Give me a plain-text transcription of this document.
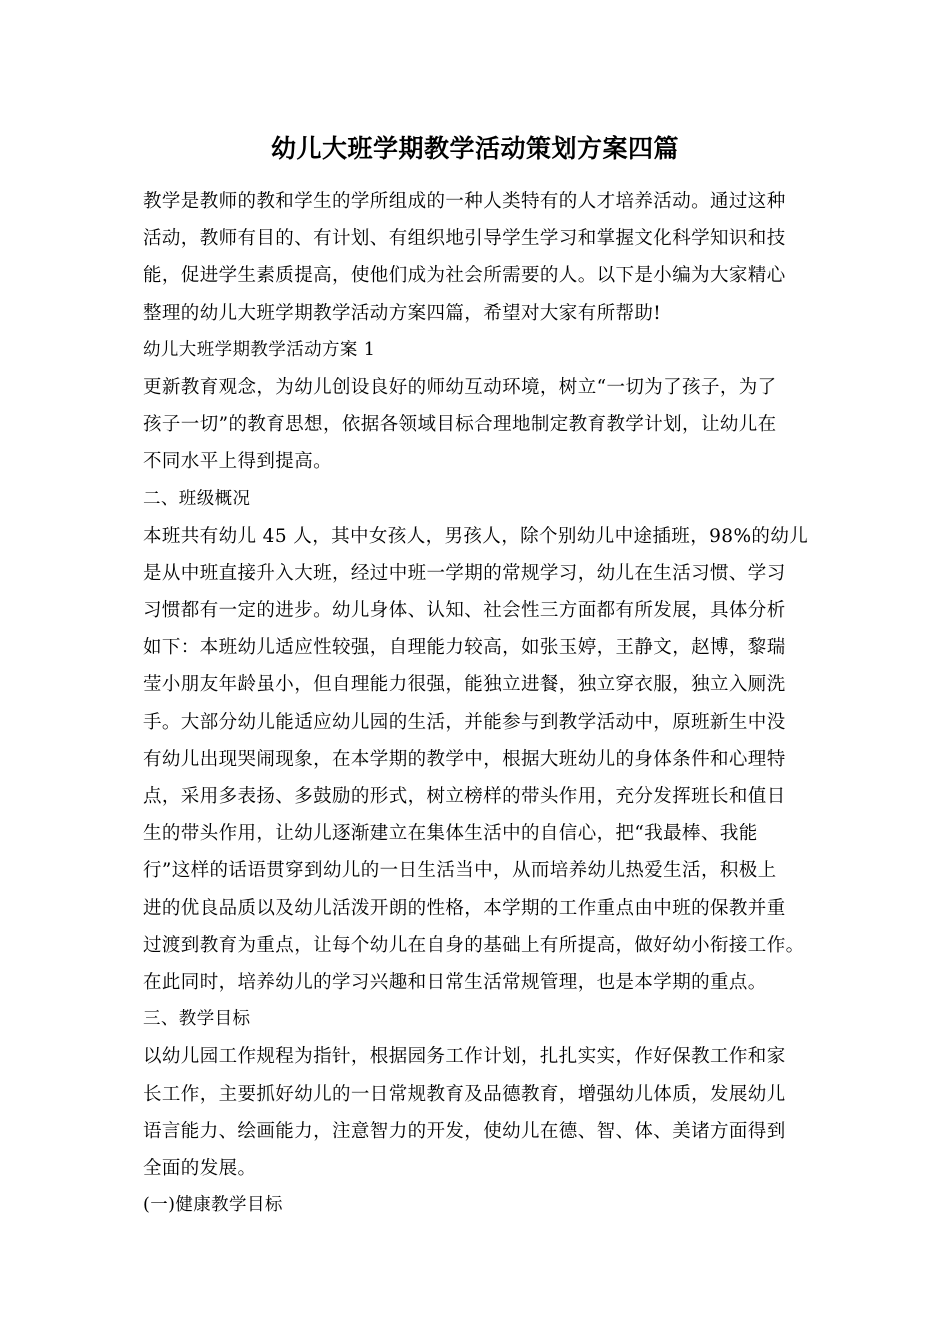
幼儿大班学期教学活动策划方案四篇
教学是教师的教和学生的学所组成的一种人类特有的人才培养活动。通过这种
活动，教师有目的、有计划、有组织地引导学生学习和掌握文化科学知识和技
能，促进学生素质提高，使他们成为社会所需要的人。以下是小编为大家精心
整理的幼儿大班学期教学活动方案四篇，希望对大家有所帮助!
幼儿大班学期教学活动方案 1
更新教育观念，为幼儿创设良好的师幼互动环境，树立“一切为了孩子，为了
孩子一切”的教育思想，依据各领域目标合理地制定教育教学计划，让幼儿在
不同水平上得到提高。
二、班级概况
本班共有幼儿 45 人，其中女孩人，男孩人，除个别幼儿中途插班，98%的幼儿
是从中班直接升入大班，经过中班一学期的常规学习，幼儿在生活习惯、学习
习惯都有一定的进步。幼儿身体、认知、社会性三方面都有所发展，具体分析
如下：本班幼儿适应性较强，自理能力较高，如张玉婷，王静文，赵博，黎瑞
莹小朋友年龄虽小，但自理能力很强，能独立进餐，独立穿衣服，独立入厕洗
手。大部分幼儿能适应幼儿园的生活，并能参与到教学活动中，原班新生中没
有幼儿出现哭闹现象，在本学期的教学中，根据大班幼儿的身体条件和心理特
点，采用多表扬、多鼓励的形式，树立榜样的带头作用，充分发挥班长和值日
生的带头作用，让幼儿逐渐建立在集体生活中的自信心，把“我最棒、我能
行”这样的话语贯穿到幼儿的一日生活当中，从而培养幼儿热爱生活，积极上
进的优良品质以及幼儿活泼开朗的性格，本学期的工作重点由中班的保教并重
过渡到教育为重点，让每个幼儿在自身的基础上有所提高，做好幼小衔接工作。
在此同时，培养幼儿的学习兴趣和日常生活常规管理，也是本学期的重点。
三、教学目标
以幼儿园工作规程为指针，根据园务工作计划，扎扎实实，作好保教工作和家
长工作，主要抓好幼儿的一日常规教育及品德教育，增强幼儿体质，发展幼儿
语言能力、绘画能力，注意智力的开发，使幼儿在德、智、体、美诸方面得到
全面的发展。
(一)健康教学目标
